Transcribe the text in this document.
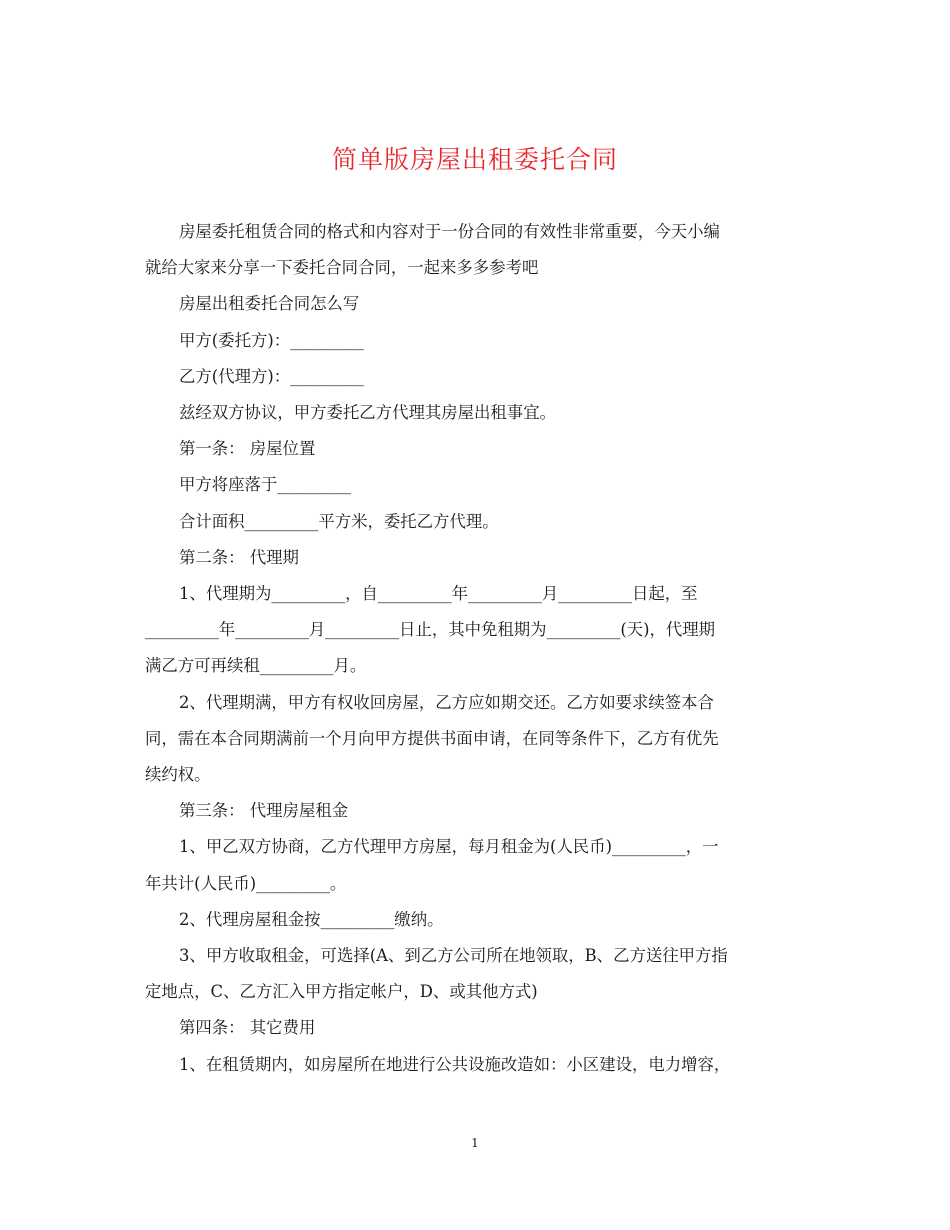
简单版房屋出租委托合同

房屋委托租赁合同的格式和内容对于一份合同的有效性非常重要，今天小编

就给大家来分享一下委托合同合同，一起来多多参考吧

房屋出租委托合同怎么写

甲方(委托方)：_________

乙方(代理方)：_________

兹经双方协议，甲方委托乙方代理其房屋出租事宜。

第一条： 房屋位置

甲方将座落于_________

合计面积_________平方米，委托乙方代理。

第二条： 代理期

1、代理期为_________，自_________年_________月_________日起，至

_________年_________月_________日止，其中免租期为_________(天)，代理期

满乙方可再续租_________月。

2、代理期满，甲方有权收回房屋，乙方应如期交还。乙方如要求续签本合

同，需在本合同期满前一个月向甲方提供书面申请，在同等条件下，乙方有优先

续约权。

第三条： 代理房屋租金

1、甲乙双方协商，乙方代理甲方房屋，每月租金为(人民币)_________，一

年共计(人民币)_________。

2、代理房屋租金按_________缴纳。

3、甲方收取租金，可选择(A、到乙方公司所在地领取，B、乙方送往甲方指

定地点，C、乙方汇入甲方指定帐户，D、或其他方式)

第四条： 其它费用

1、在租赁期内，如房屋所在地进行公共设施改造如：小区建设，电力增容，

1
